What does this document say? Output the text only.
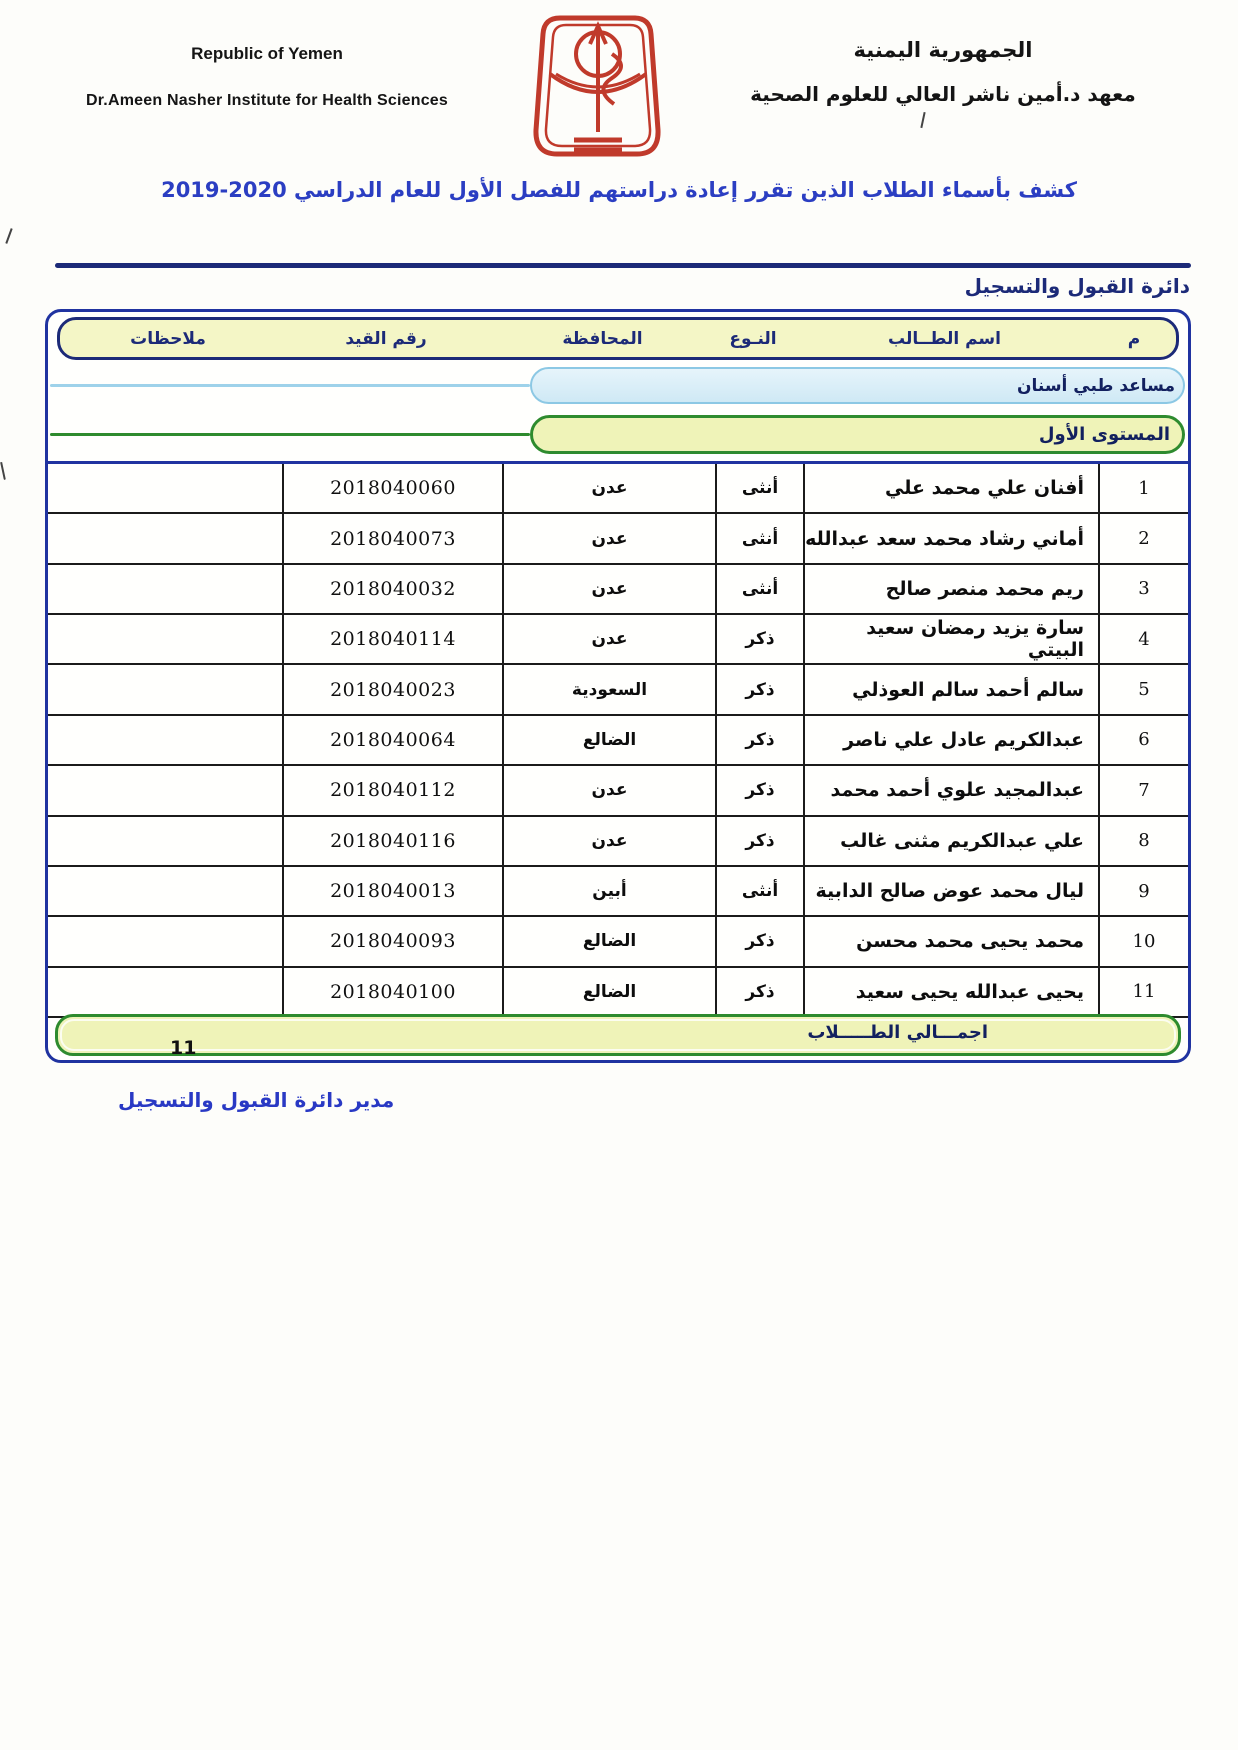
Republic of Yemen
Dr.Ameen Nasher Institute for Health Sciences
الجمهورية اليمنية
معهد د.أمين ناشر العالي للعلوم الصحية
كشف بأسماء الطلاب الذين تقرر إعادة دراستهم للفصل الأول للعام الدراسي 2020-2019
دائرة القبول والتسجيل
م
اسم الطــالب
النـوع
المحافظة
رقم القيد
ملاحظات
مساعد طبي أسنان
المستوى الأول
1
أفنان علي محمد علي
أنثى
عدن
2018040060
2
أماني رشاد محمد سعد عبدالله
أنثى
عدن
2018040073
3
ريم محمد منصر صالح
أنثى
عدن
2018040032
4
سارة يزيد رمضان سعيد البيتي
ذكر
عدن
2018040114
5
سالم أحمد سالم العوذلي
ذكر
السعودية
2018040023
6
عبدالكريم عادل علي ناصر
ذكر
الضالع
2018040064
7
عبدالمجيد علوي أحمد محمد
ذكر
عدن
2018040112
8
علي عبدالكريم مثنى غالب
ذكر
عدن
2018040116
9
ليال محمد عوض صالح الدابية
أنثى
أبين
2018040013
10
محمد يحيى محمد محسن
ذكر
الضالع
2018040093
11
يحيى عبدالله يحيى سعيد
ذكر
الضالع
2018040100
اجمـــالي الطـــــلاب
11
مدير دائرة القبول والتسجيل
